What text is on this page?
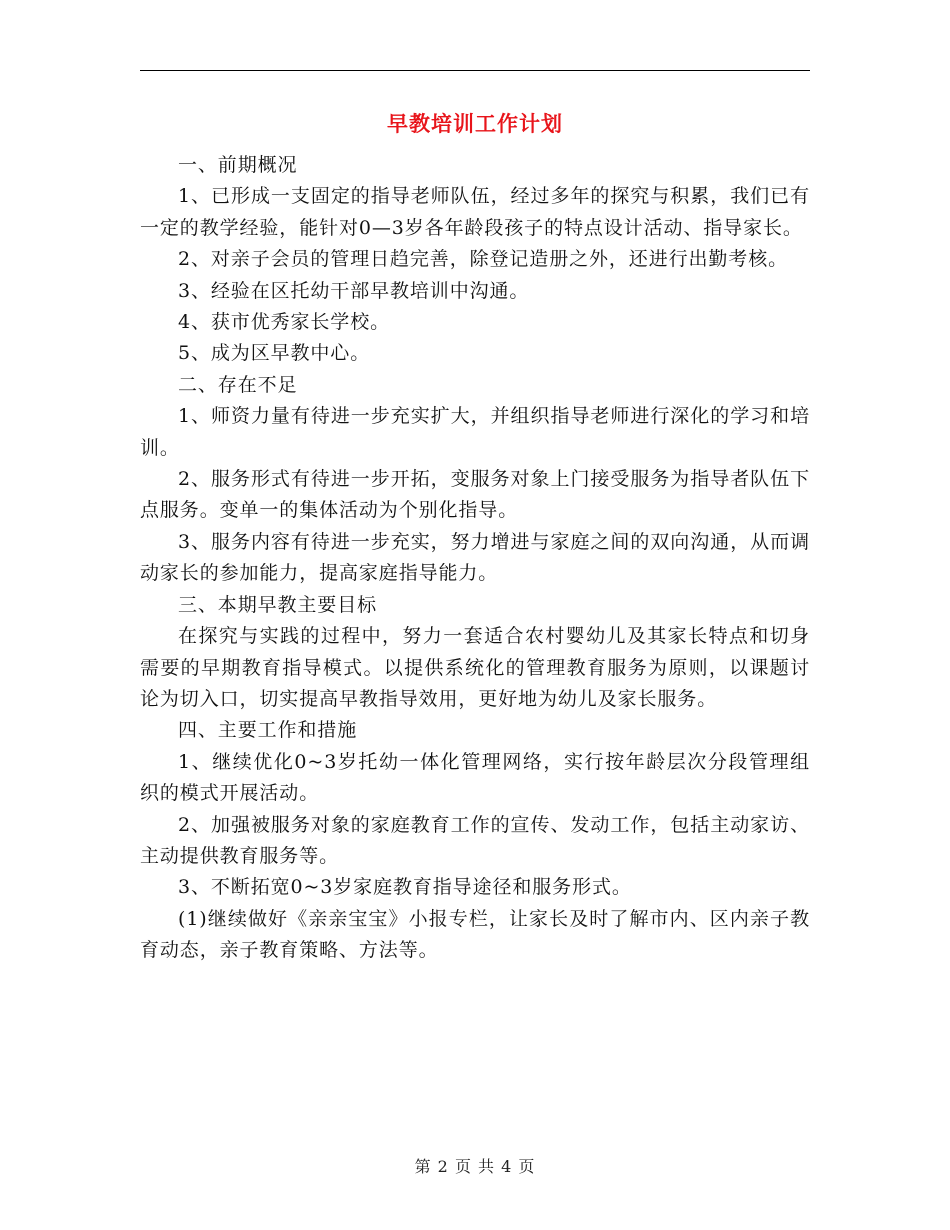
早教培训工作计划

一、前期概况

1、已形成一支固定的指导老师队伍，经过多年的探究与积累，我们已有一定的教学经验，能针对0—3岁各年龄段孩子的特点设计活动、指导家长。

2、对亲子会员的管理日趋完善，除登记造册之外，还进行出勤考核。

3、经验在区托幼干部早教培训中沟通。

4、获市优秀家长学校。

5、成为区早教中心。

二、存在不足

1、师资力量有待进一步充实扩大，并组织指导老师进行深化的学习和培训。

2、服务形式有待进一步开拓，变服务对象上门接受服务为指导者队伍下点服务。变单一的集体活动为个别化指导。

3、服务内容有待进一步充实，努力增进与家庭之间的双向沟通，从而调动家长的参加能力，提高家庭指导能力。

三、本期早教主要目标

在探究与实践的过程中，努力一套适合农村婴幼儿及其家长特点和切身需要的早期教育指导模式。以提供系统化的管理教育服务为原则，以课题讨论为切入口，切实提高早教指导效用，更好地为幼儿及家长服务。

四、主要工作和措施

1、继续优化0~3岁托幼一体化管理网络，实行按年龄层次分段管理组织的模式开展活动。

2、加强被服务对象的家庭教育工作的宣传、发动工作，包括主动家访、主动提供教育服务等。

3、不断拓宽0~3岁家庭教育指导途径和服务形式。

(1)继续做好《亲亲宝宝》小报专栏，让家长及时了解市内、区内亲子教育动态，亲子教育策略、方法等。

第 2 页 共 4 页
